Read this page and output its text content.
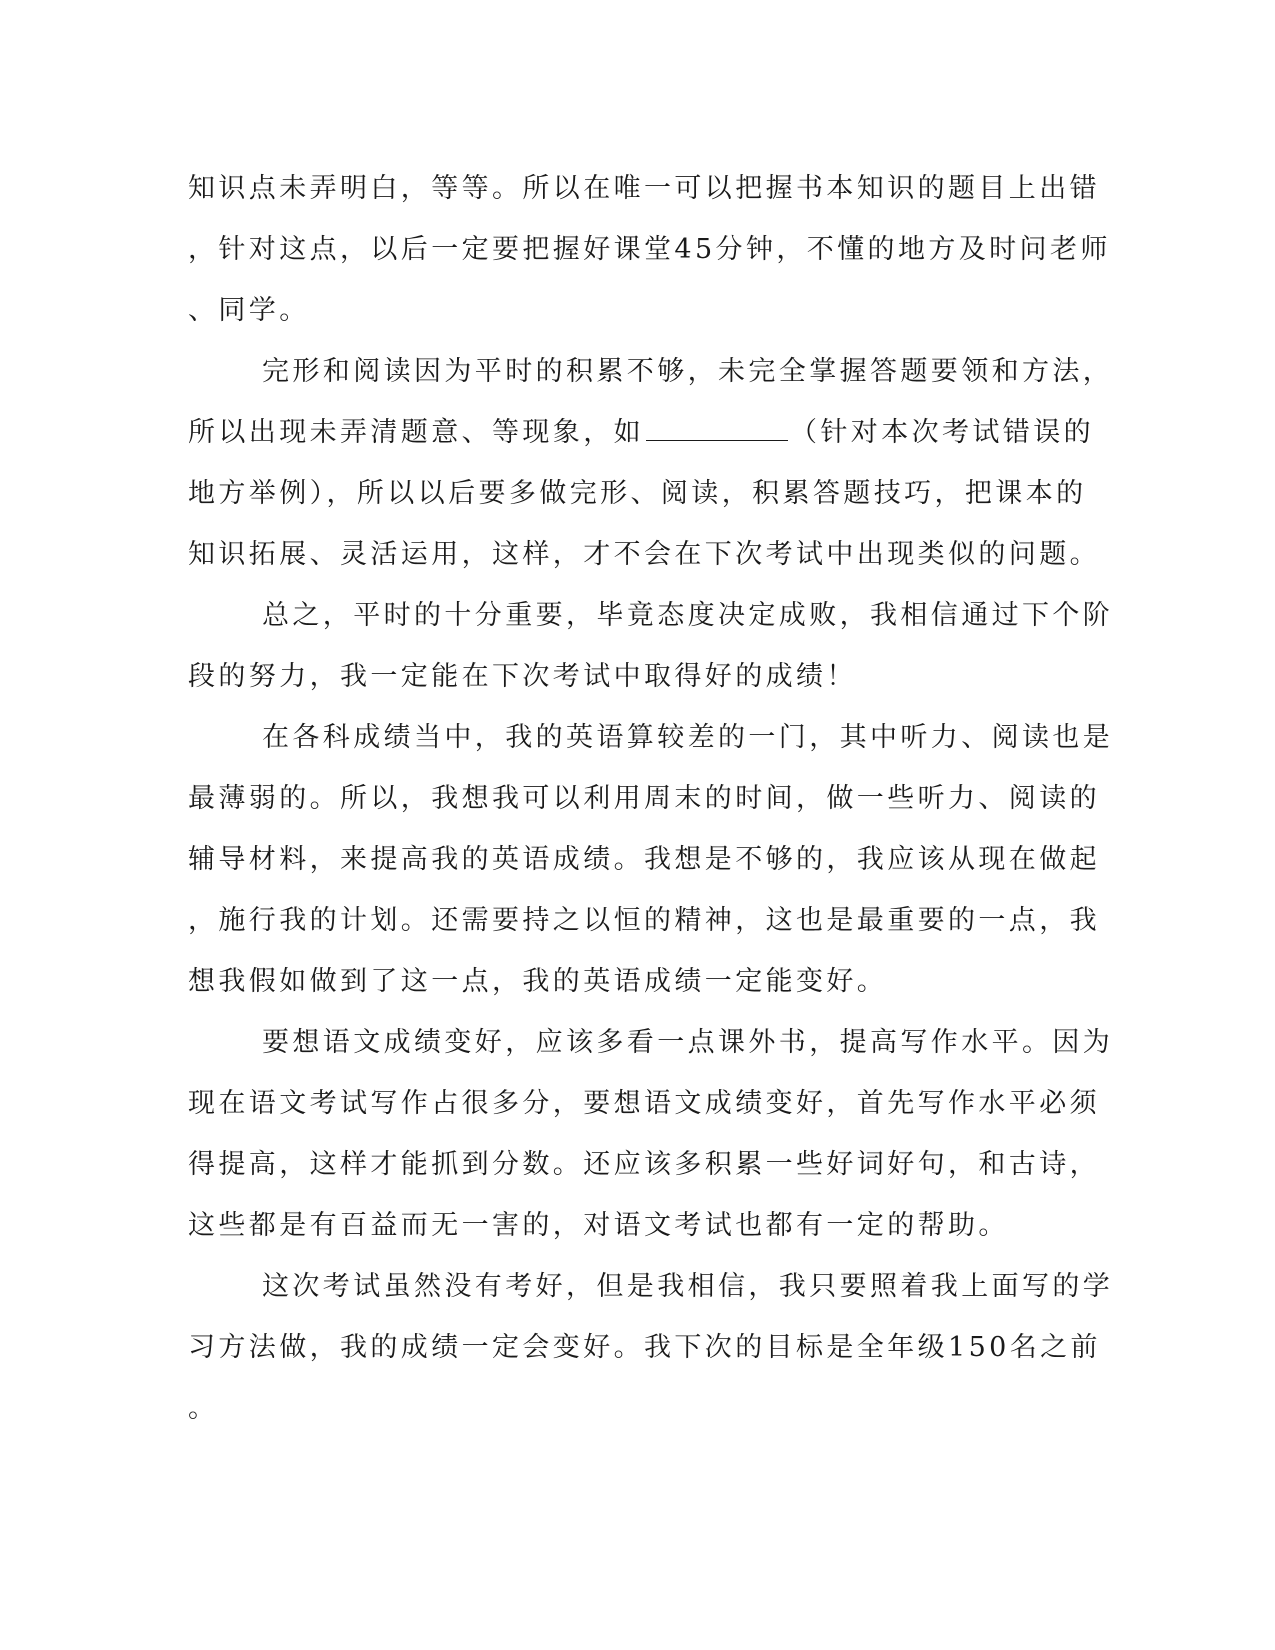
知识点未弄明白，等等。所以在唯一可以把握书本知识的题目上出错
，针对这点，以后一定要把握好课堂45分钟，不懂的地方及时问老师
、同学。
完形和阅读因为平时的积累不够，未完全掌握答题要领和方法，
所以出现未弄清题意、等现象，如	（针对本次考试错误的
地方举例），所以以后要多做完形、阅读，积累答题技巧，把课本的
知识拓展、灵活运用，这样，才不会在下次考试中出现类似的问题。
总之，平时的十分重要，毕竟态度决定成败，我相信通过下个阶
段的努力，我一定能在下次考试中取得好的成绩！
在各科成绩当中，我的英语算较差的一门，其中听力、阅读也是
最薄弱的。所以，我想我可以利用周末的时间，做一些听力、阅读的
辅导材料，来提高我的英语成绩。我想是不够的，我应该从现在做起
，施行我的计划。还需要持之以恒的精神，这也是最重要的一点，我
想我假如做到了这一点，我的英语成绩一定能变好。
要想语文成绩变好，应该多看一点课外书，提高写作水平。因为
现在语文考试写作占很多分，要想语文成绩变好，首先写作水平必须
得提高，这样才能抓到分数。还应该多积累一些好词好句，和古诗，
这些都是有百益而无一害的，对语文考试也都有一定的帮助。
这次考试虽然没有考好，但是我相信，我只要照着我上面写的学
习方法做，我的成绩一定会变好。我下次的目标是全年级150名之前
。
